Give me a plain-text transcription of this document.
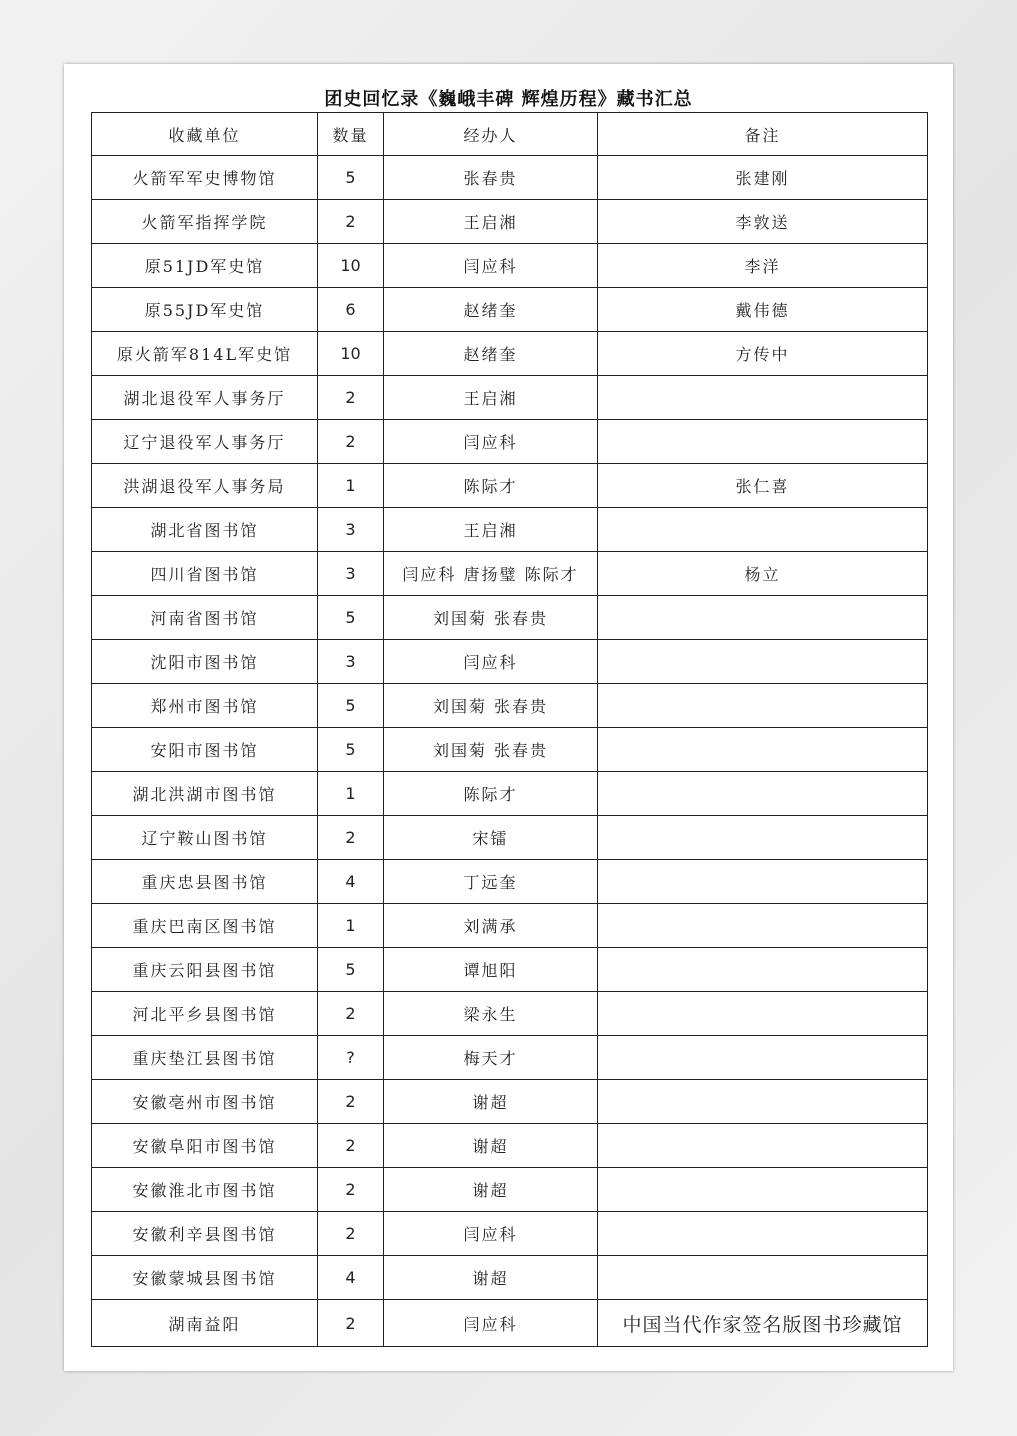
团史回忆录《巍峨丰碑 辉煌历程》藏书汇总
收藏单位	数量	经办人	备注
火箭军军史博物馆	5	张春贵	张建刚
火箭军指挥学院	2	王启湘	李敦送
原51JD军史馆	10	闫应科	李洋
原55JD军史馆	6	赵绪奎	戴伟德
原火箭军814L军史馆	10	赵绪奎	方传中
湖北退役军人事务厅	2	王启湘	
辽宁退役军人事务厅	2	闫应科	
洪湖退役军人事务局	1	陈际才	张仁喜
湖北省图书馆	3	王启湘	
四川省图书馆	3	闫应科 唐扬璧 陈际才	杨立
河南省图书馆	5	刘国菊 张春贵	
沈阳市图书馆	3	闫应科	
郑州市图书馆	5	刘国菊 张春贵	
安阳市图书馆	5	刘国菊 张春贵	
湖北洪湖市图书馆	1	陈际才	
辽宁鞍山图书馆	2	宋镭	
重庆忠县图书馆	4	丁远奎	
重庆巴南区图书馆	1	刘满承	
重庆云阳县图书馆	5	谭旭阳	
河北平乡县图书馆	2	梁永生	
重庆垫江县图书馆	?	梅天才	
安徽亳州市图书馆	2	谢超	
安徽阜阳市图书馆	2	谢超	
安徽淮北市图书馆	2	谢超	
安徽利辛县图书馆	2	闫应科	
安徽蒙城县图书馆	4	谢超	
湖南益阳	2	闫应科	中国当代作家签名版图书珍藏馆
